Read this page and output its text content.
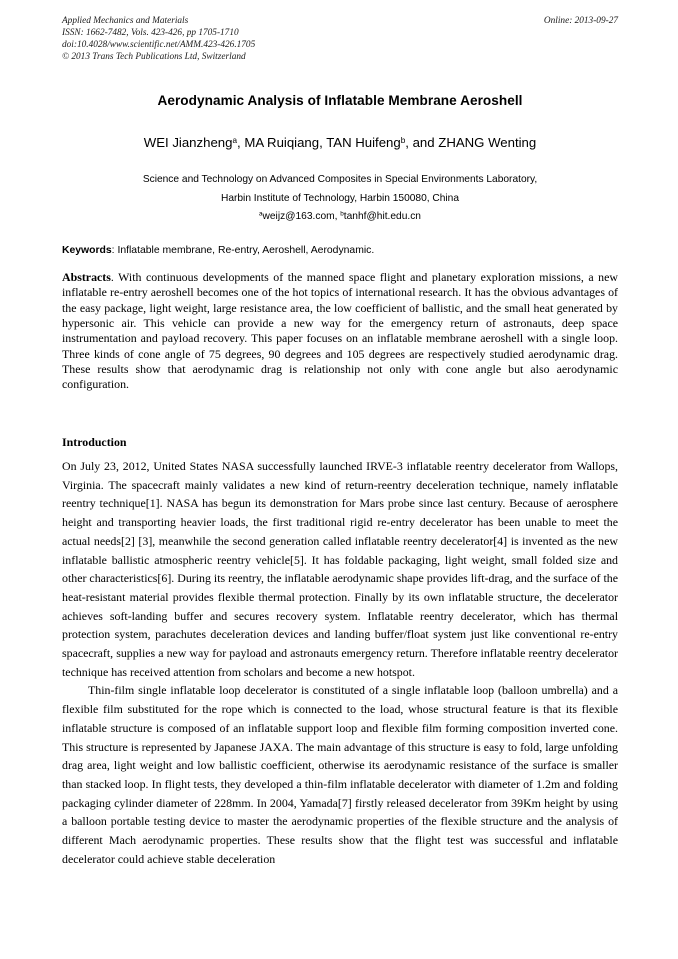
Applied Mechanics and Materials	Online: 2013-09-27
ISSN: 1662-7482, Vols. 423-426, pp 1705-1710
doi:10.4028/www.scientific.net/AMM.423-426.1705
© 2013 Trans Tech Publications Ltd, Switzerland
Aerodynamic Analysis of Inflatable Membrane Aeroshell
WEI Jianzheng$^a$, MA Ruiqiang, TAN Huifeng$^b$, and ZHANG Wenting
Science and Technology on Advanced Composites in Special Environments Laboratory,
Harbin Institute of Technology, Harbin 150080, China
$^a$weijz@163.com, $^b$tanhf@hit.edu.cn
Keywords: Inflatable membrane, Re-entry, Aeroshell, Aerodynamic.
Abstracts. With continuous developments of the manned space flight and planetary exploration missions, a new inflatable re-entry aeroshell becomes one of the hot topics of international research. It has the obvious advantages of the easy package, light weight, large resistance area, the low coefficient of ballistic, and the small heat generated by hypersonic air. This vehicle can provide a new way for the emergency return of astronauts, deep space instrumentation and payload recovery. This paper focuses on an inflatable membrane aeroshell with a single loop. Three kinds of cone angle of 75 degrees, 90 degrees and 105 degrees are respectively studied aerodynamic drag. These results show that aerodynamic drag is relationship not only with cone angle but also aerodynamic configuration.
Introduction

On July 23, 2012, United States NASA successfully launched IRVE-3 inflatable reentry decelerator from Wallops, Virginia. The spacecraft mainly validates a new kind of return-reentry deceleration technique, namely inflatable reentry technique[1]. NASA has begun its demonstration for Mars probe since last century. Because of aerosphere height and transporting heavier loads, the first traditional rigid re-entry decelerator has been unable to meet the actual needs[2] [3], meanwhile the second generation called inflatable reentry decelerator[4] is invented as the new inflatable ballistic atmospheric reentry vehicle[5]. It has foldable packaging, light weight, small folded size and other characteristics[6]. During its reentry, the inflatable aerodynamic shape provides lift-drag, and the surface of the heat-resistant material provides flexible thermal protection. Finally by its own inflatable structure, the decelerator achieves soft-landing buffer and secures recovery system. Inflatable reentry decelerator, which has thermal protection system, parachutes deceleration devices and landing buffer/float system just like conventional re-entry spacecraft, supplies a new way for payload and astronauts emergency return. Therefore inflatable reentry decelerator technique has received attention from scholars and become a new hotspot.

Thin-film single inflatable loop decelerator is constituted of a single inflatable loop (balloon umbrella) and a flexible film substituted for the rope which is connected to the load, whose structural feature is that its flexible inflatable structure is composed of an inflatable support loop and flexible film forming composition inverted cone. This structure is represented by Japanese JAXA. The main advantage of this structure is easy to fold, large unfolding drag area, light weight and low ballistic coefficient, otherwise its aerodynamic resistance of the surface is smaller than stacked loop. In flight tests, they developed a thin-film inflatable decelerator with diameter of 1.2m and folding packaging cylinder diameter of 228mm. In 2004, Yamada[7] firstly released decelerator from 39Km height by using a balloon portable testing device to master the aerodynamic properties of the flexible structure and the analysis of different Mach aerodynamic properties. These results show that the flight test was successful and inflatable decelerator could achieve stable deceleration
